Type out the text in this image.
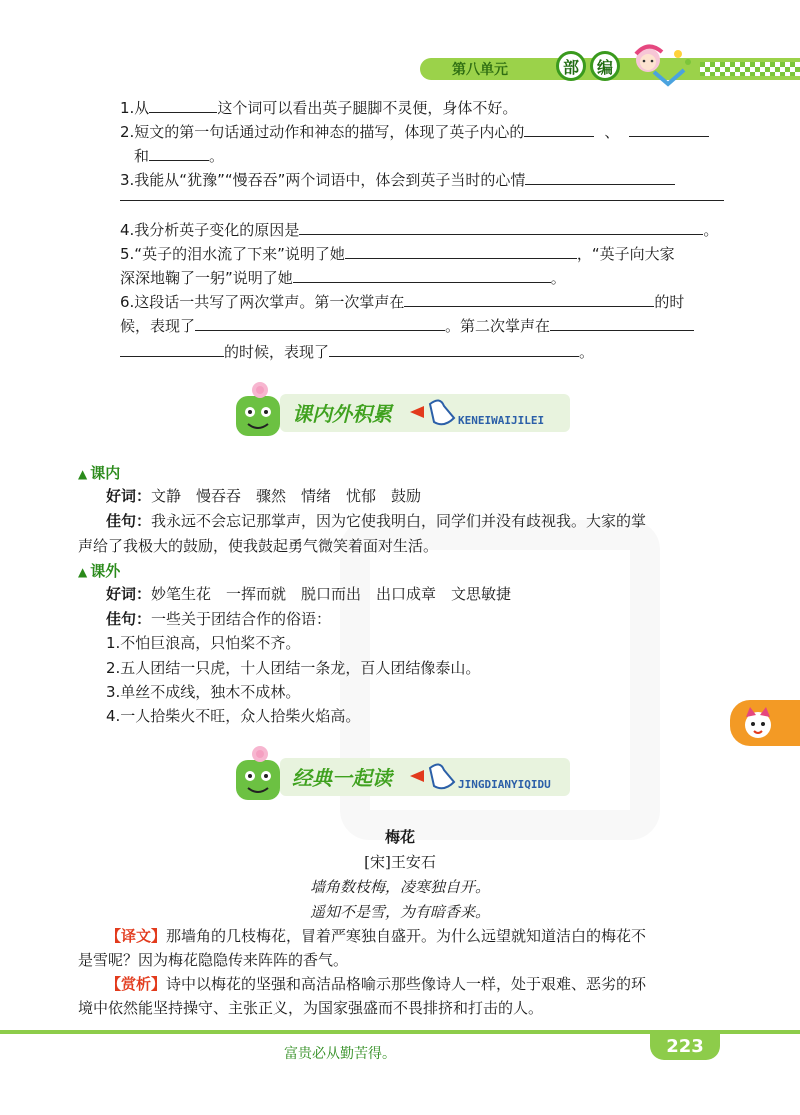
第八单元	部	编
1.从	这个词可以看出英子腿脚不灵便，身体不好。
2.短文的第一句话通过动作和神态的描写，体现了英子内心的	、
和	。
3.我能从“犹豫”“慢吞吞”两个词语中，体会到英子当时的心情
4.我分析英子变化的原因是	。
5.“英子的泪水流了下来”说明了她	，“英子向大家
深深地鞠了一躬”说明了她	。
6.这段话一共写了两次掌声。第一次掌声在	的时
候，表现了	。第二次掌声在
的时候，表现了	。
课内外积累	KENEIWAIJILEI
▲ 课内
好词：文静　慢吞吞　骤然　情绪　忧郁　鼓励
佳句：我永远不会忘记那掌声，因为它使我明白，同学们并没有歧视我。大家的掌
声给了我极大的鼓励，使我鼓起勇气微笑着面对生活。
▲ 课外
好词：妙笔生花　一挥而就　脱口而出　出口成章　文思敏捷
佳句：一些关于团结合作的俗语：
1.不怕巨浪高，只怕桨不齐。
2.五人团结一只虎，十人团结一条龙，百人团结像泰山。
3.单丝不成线，独木不成林。
4.一人拾柴火不旺，众人拾柴火焰高。
经典一起读	JINGDIANYIQIDU
梅花
[宋]王安石
墙角数枝梅，凌寒独自开。
遥知不是雪，为有暗香来。
【译文】那墙角的几枝梅花，冒着严寒独自盛开。为什么远望就知道洁白的梅花不
是雪呢？因为梅花隐隐传来阵阵的香气。
【赏析】诗中以梅花的坚强和高洁品格喻示那些像诗人一样，处于艰难、恶劣的环
境中依然能坚持操守、主张正义，为国家强盛而不畏排挤和打击的人。
富贵必从勤苦得。	223
